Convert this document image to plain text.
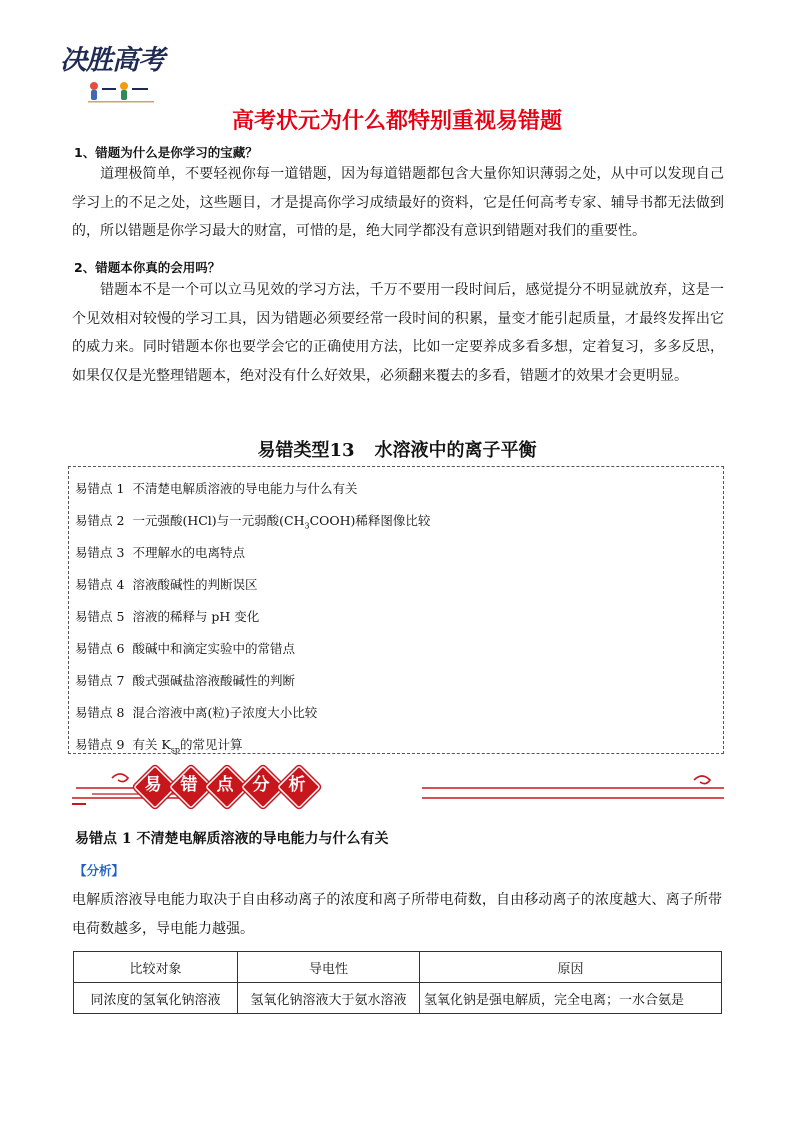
决胜高考
高考状元为什么都特别重视易错题
1、错题为什么是你学习的宝藏？

道理极简单，不要轻视你每一道错题，因为每道错题都包含大量你知识薄弱之处，从中可以发现自己学习上的不足之处，这些题目，才是提高你学习成绩最好的资料，它是任何高考专家、辅导书都无法做到的，所以错题是你学习最大的财富，可惜的是，绝大同学都没有意识到错题对我们的重要性。

2、错题本你真的会用吗？

错题本不是一个可以立马见效的学习方法，千万不要用一段时间后，感觉提分不明显就放弃，这是一个见效相对较慢的学习工具，因为错题必须要经常一段时间的积累，量变才能引起质量，才最终发挥出它的威力来。同时错题本你也要学会它的正确使用方法，比如一定要养成多看多想，定着复习，多多反思，如果仅仅是光整理错题本，绝对没有什么好效果，必须翻来覆去的多看，错题才的效果才会更明显。

易错类型13 水溶液中的离子平衡
易错点 1 不清楚电解质溶液的导电能力与什么有关
易错点 2 一元强酸(HCl)与一元弱酸$(CH_3COOH)$稀释图像比较
易错点 3 不理解水的电离特点
易错点 4 溶液酸碱性的判断误区
易错点 5 溶液的稀释与 pH 变化
易错点 6 酸碱中和滴定实验中的常错点
易错点 7 酸式强碱盐溶液酸碱性的判断
易错点 8 混合溶液中离(粒)子浓度大小比较
易错点 9 有关 $K_{sp}$的常见计算
易	错	点	分	析
易错点 1 不清楚电解质溶液的导电能力与什么有关
【分析】

电解质溶液导电能力取决于自由移动离子的浓度和离子所带电荷数，自由移动离子的浓度越大、离子所带电荷数越多，导电能力越强。

比较对象	导电性	原因
同浓度的氢氧化钠溶液	氢氧化钠溶液大于氨水溶液	氢氧化钠是强电解质，完全电离；一水合氨是
